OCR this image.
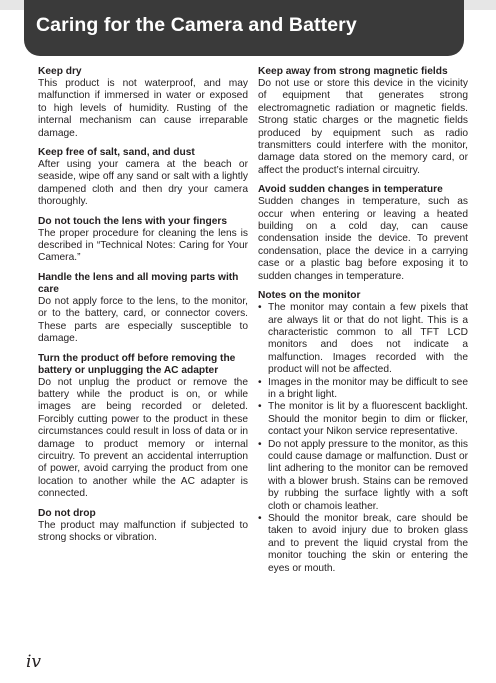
Caring for the Camera and Battery
Keep dry

This product is not waterproof, and may malfunction if immersed in water or exposed to high levels of humidity. Rusting of the internal mechanism can cause irreparable damage.

Keep free of salt, sand, and dust

After using your camera at the beach or seaside, wipe off any sand or salt with a lightly dampened cloth and then dry your camera thoroughly.

Do not touch the lens with your fingers

The proper procedure for cleaning the lens is described in “Technical Notes: Caring for Your Camera.”

Handle the lens and all moving parts with care

Do not apply force to the lens, to the monitor, or to the battery, card, or connector covers. These parts are especially susceptible to damage.

Turn the product off before removing the battery or unplugging the AC adapter

Do not unplug the product or remove the battery while the product is on, or while images are being recorded or deleted. Forcibly cutting power to the product in these circumstances could result in loss of data or in damage to product memory or internal circuitry. To prevent an accidental interruption of power, avoid carrying the product from one location to another while the AC adapter is connected.

Do not drop

The product may malfunction if subjected to strong shocks or vibration.

Keep away from strong magnetic fields

Do not use or store this device in the vicinity of equipment that generates strong electromagnetic radiation or magnetic fields. Strong static charges or the magnetic fields produced by equipment such as radio transmitters could interfere with the monitor, damage data stored on the memory card, or affect the product’s internal circuitry.

Avoid sudden changes in temperature

Sudden changes in temperature, such as occur when entering or leaving a heated building on a cold day, can cause condensation inside the device. To prevent condensation, place the device in a carrying case or a plastic bag before exposing it to sudden changes in temperature.

Notes on the monitor
• The monitor may contain a few pixels that are always lit or that do not light. This is a characteristic common to all TFT LCD monitors and does not indicate a malfunction. Images recorded with the product will not be affected.
• Images in the monitor may be difficult to see in a bright light.
• The monitor is lit by a fluorescent backlight. Should the monitor begin to dim or flicker, contact your Nikon service representative.
• Do not apply pressure to the monitor, as this could cause damage or malfunction. Dust or lint adhering to the monitor can be removed with a blower brush. Stains can be removed by rubbing the surface lightly with a soft cloth or chamois leather.
• Should the monitor break, care should be taken to avoid injury due to broken glass and to prevent the liquid crystal from the monitor touching the skin or entering the eyes or mouth.

iv
